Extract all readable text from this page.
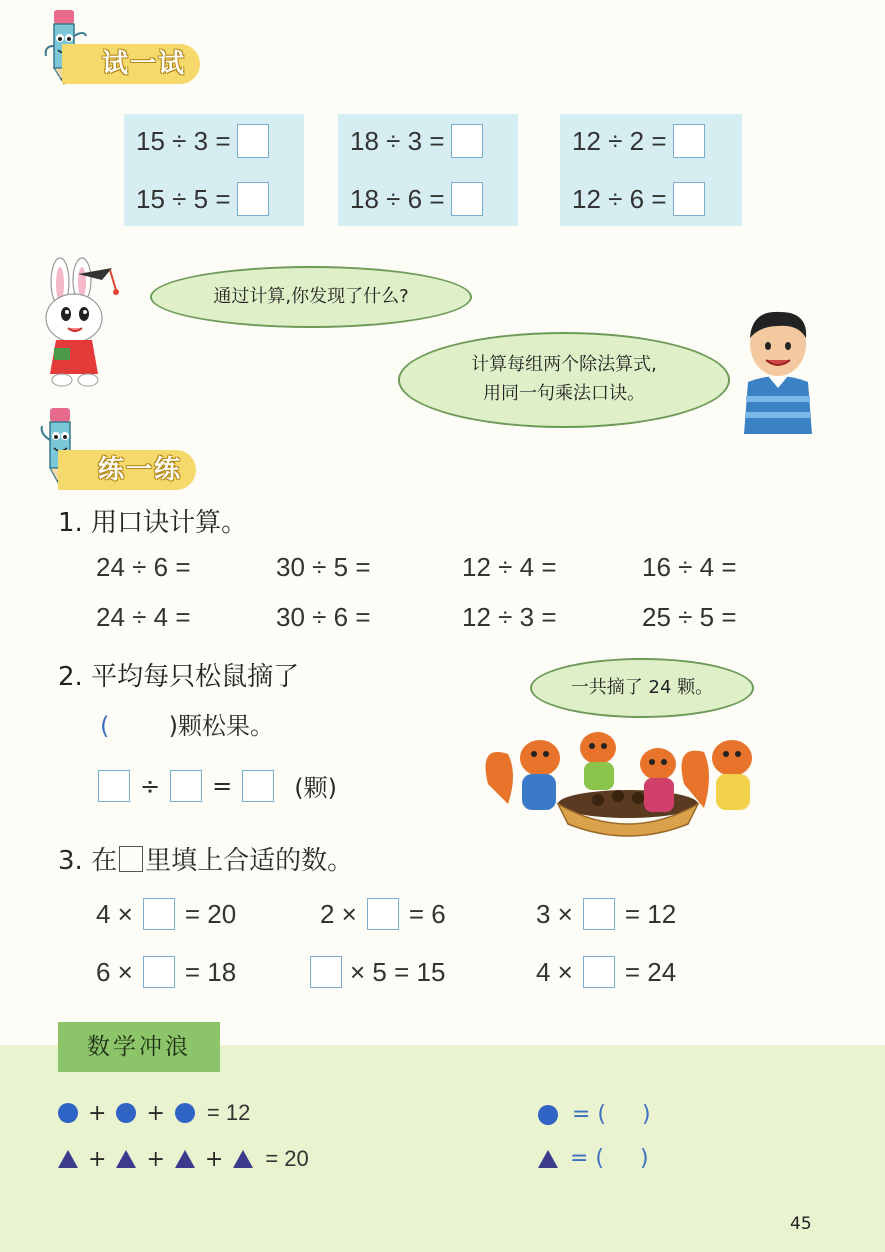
试一试
15 ÷ 3 =
15 ÷ 5 =
18 ÷ 3 =
18 ÷ 6 =
12 ÷ 2 =
12 ÷ 6 =
通过计算,你发现了什么?
计算每组两个除法算式,
用同一句乘法口诀。
练一练
1. 用口诀计算。
24 ÷ 6 =	30 ÷ 5 =	12 ÷ 4 =	16 ÷ 4 =
24 ÷ 4 =	30 ÷ 6 =	12 ÷ 3 =	25 ÷ 5 =
2. 平均每只松鼠摘了
( )颗松果。
÷ =	(颗)
一共摘了 24 颗。
3. 在 里填上合适的数。
4 × = 20	2 × = 6	3 × = 12
6 × = 18	× 5 = 15	4 × = 24
数学冲浪
+ + = 12
+ + + = 20
= ( )
= ( )
45
